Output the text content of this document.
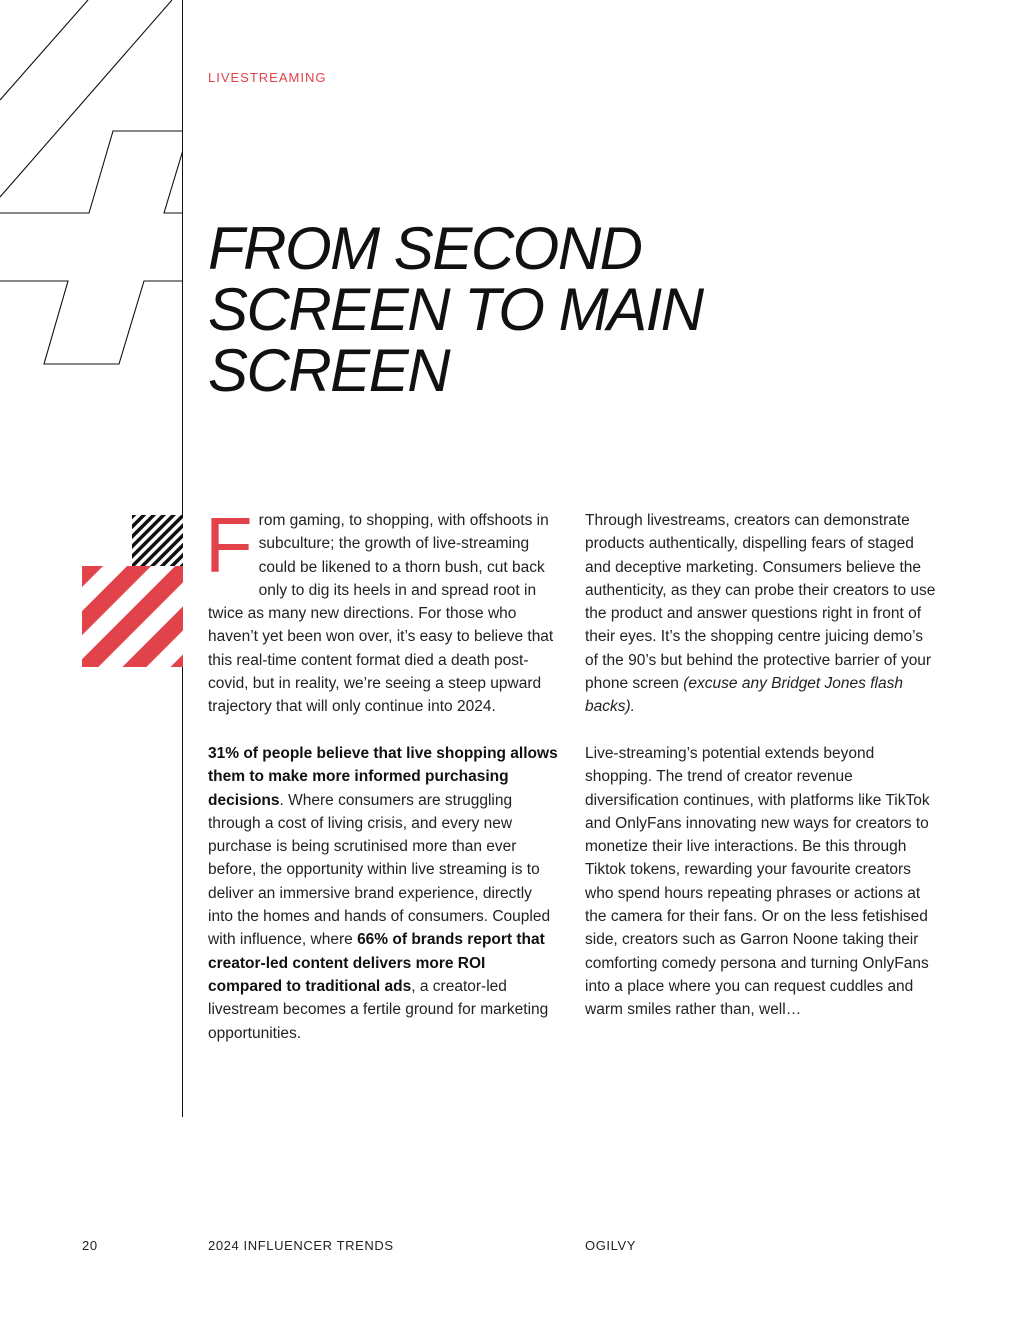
LIVESTREAMING
FROM SECOND
SCREEN TO MAIN
SCREEN

From gaming, to shopping, with offshoots in subculture; the growth of live-streaming could be likened to a thorn bush, cut back only to dig its heels in and spread root in twice as many new directions. For those who haven’t yet been won over, it’s easy to believe that this real-time content format died a death post-covid, but in reality, we’re seeing a steep upward trajectory that will only continue into 2024.

31% of people believe that live shopping allows them to make more informed purchasing decisions. Where consumers are struggling through a cost of living crisis, and every new purchase is being scrutinised more than ever before, the opportunity within live streaming is to deliver an immersive brand experience, directly into the homes and hands of consumers. Coupled with influence, where 66% of brands report that creator-led content delivers more ROI compared to traditional ads, a creator-led livestream becomes a fertile ground for marketing opportunities.

Through livestreams, creators can demonstrate products authentically, dispelling fears of staged and deceptive marketing. Consumers believe the authenticity, as they can probe their creators to use the product and answer questions right in front of their eyes. It’s the shopping centre juicing demo’s of the 90’s but behind the protective barrier of your phone screen (excuse any Bridget Jones flash backs).

Live-streaming’s potential extends beyond shopping. The trend of creator revenue diversification continues, with platforms like TikTok and OnlyFans innovating new ways for creators to monetize their live interactions. Be this through Tiktok tokens, rewarding your favourite creators who spend hours repeating phrases or actions at the camera for their fans. Or on the less fetishised side, creators such as Garron Noone taking their comforting comedy persona and turning OnlyFans into a place where you can request cuddles and warm smiles rather than, well…

20	2024 INFLUENCER TRENDS	OGILVY
